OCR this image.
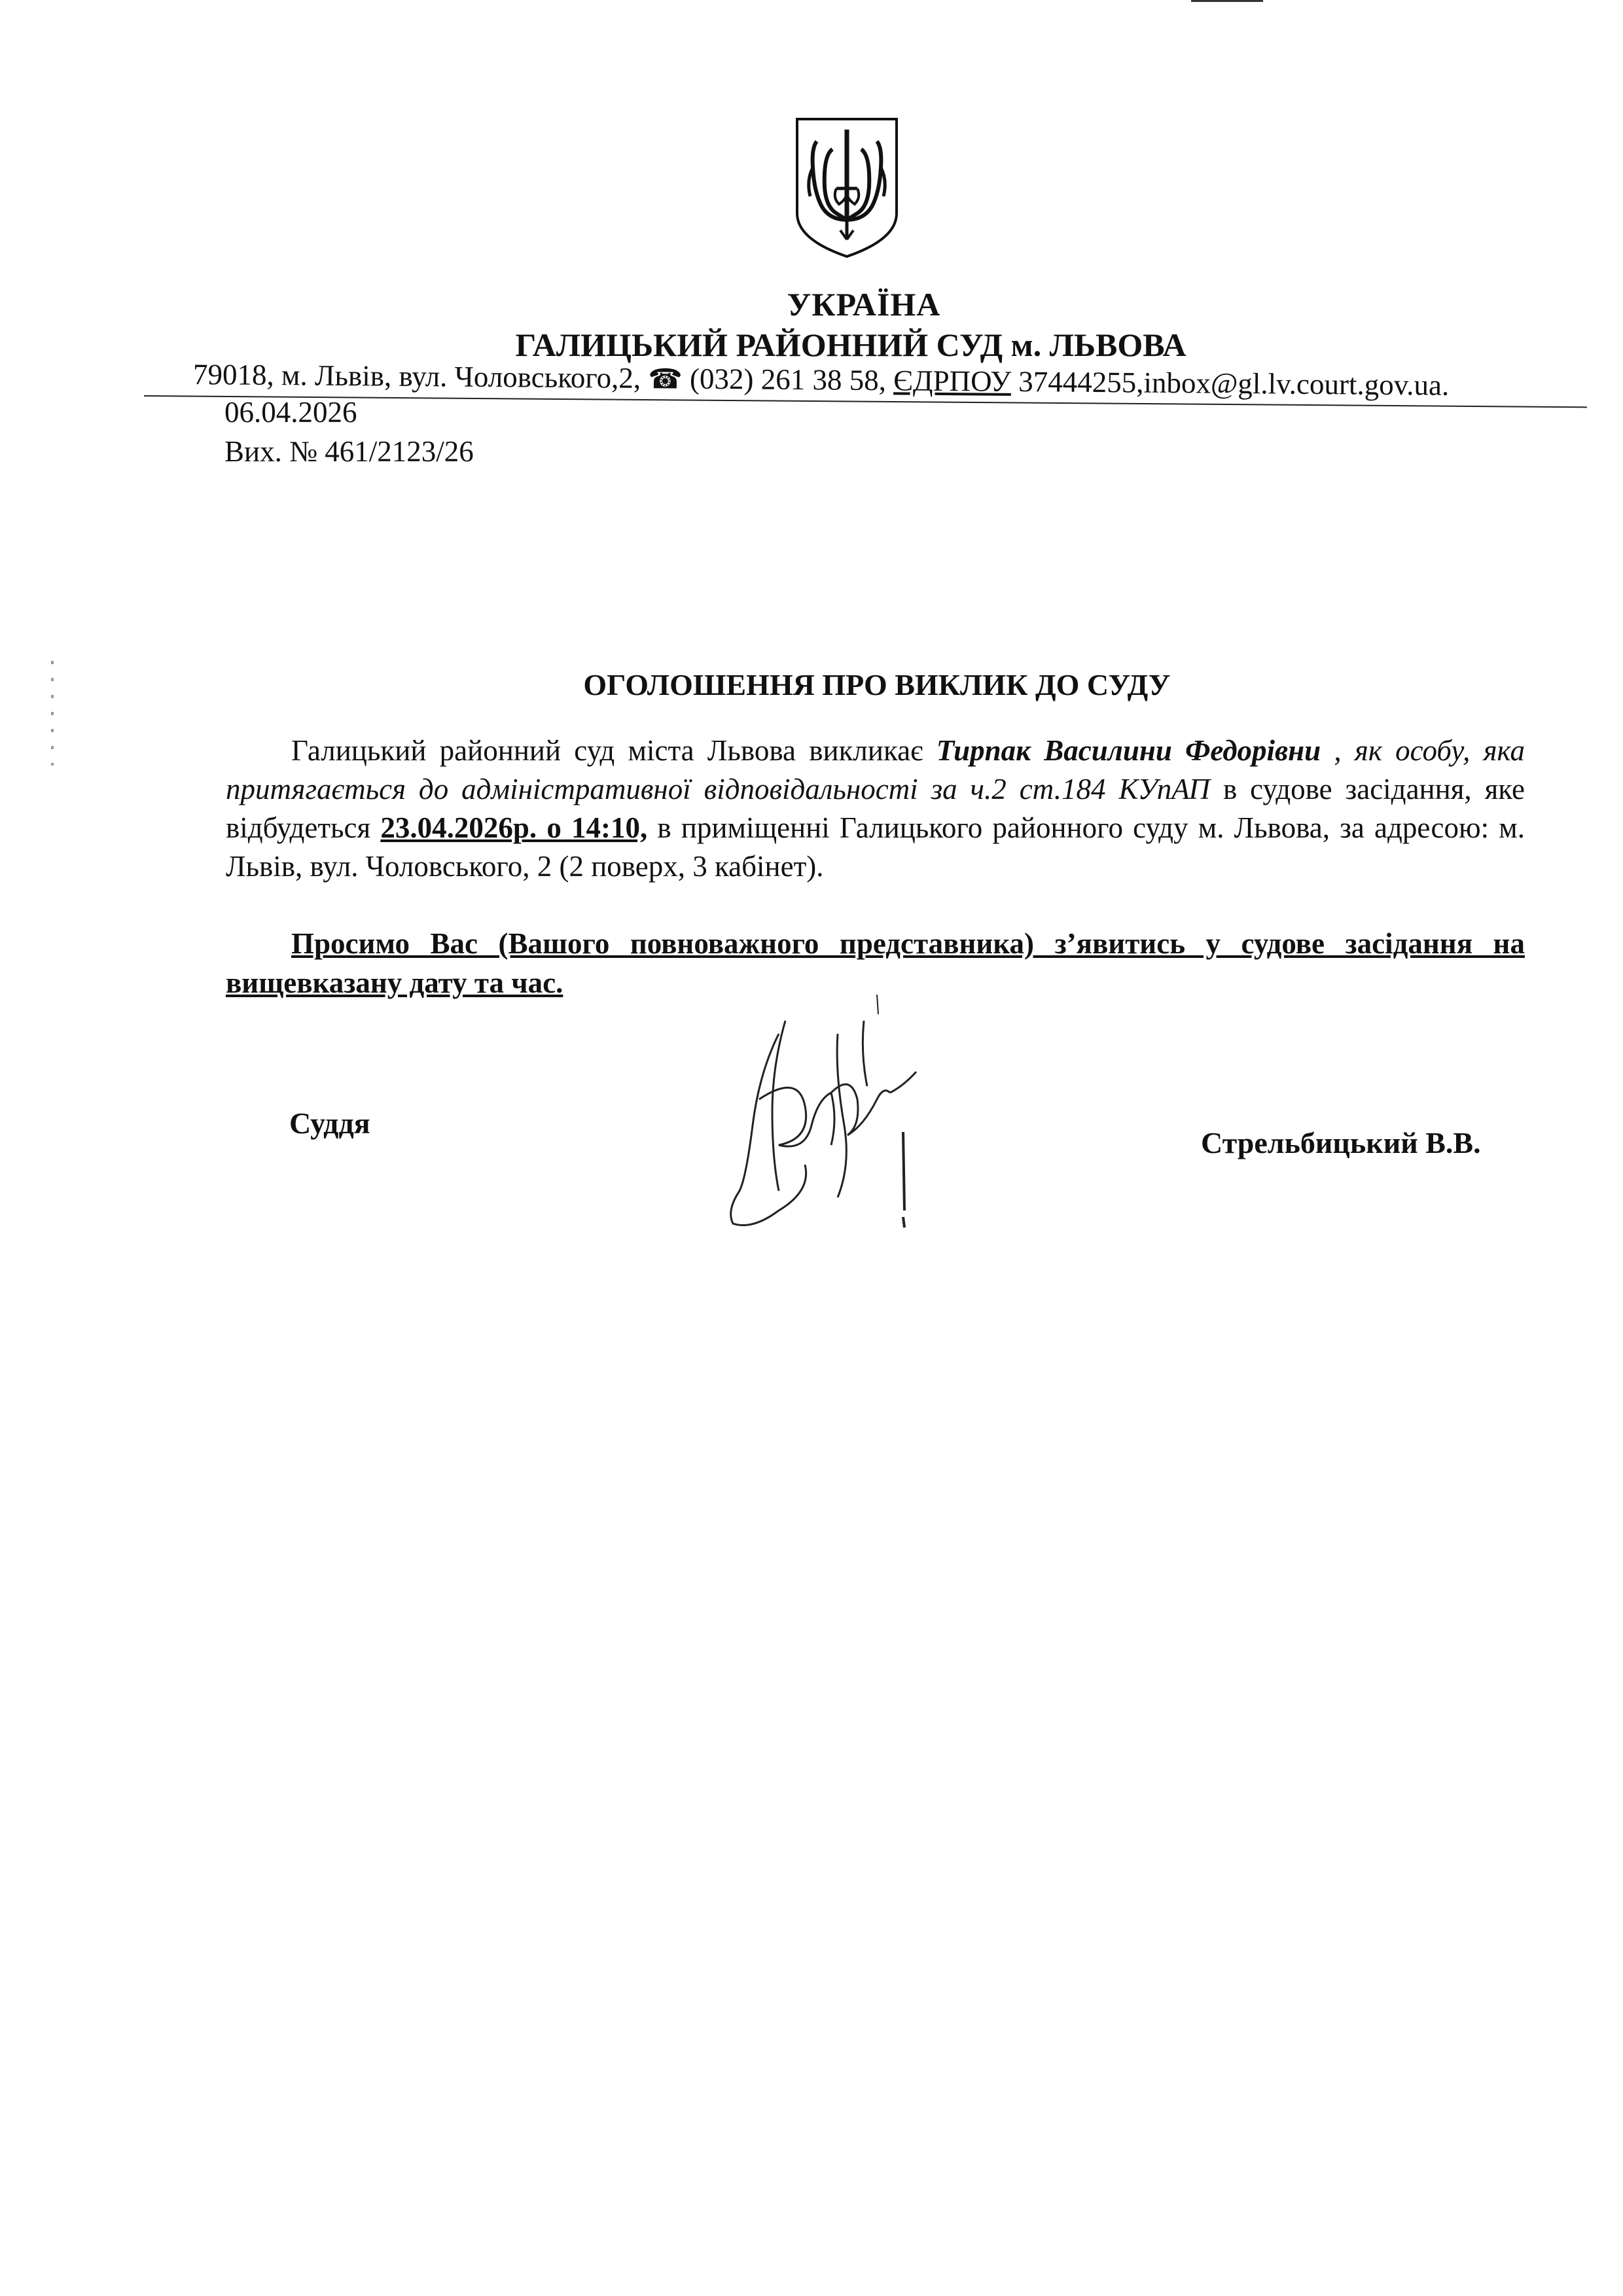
УКРАЇНА
ГАЛИЦЬКИЙ РАЙОННИЙ СУД м. ЛЬВОВА
79018, м. Львів, вул. Чоловського,2, ☎ (032) 261 38 58, ЄДРПОУ 37444255,inbox@gl.lv.court.gov.ua.
06.04.2026
Вих. № 461/2123/26
ОГОЛОШЕННЯ ПРО ВИКЛИК ДО СУДУ
Галицький районний суд міста Львова викликає Тирпак Василини Федорівни , як особу, яка притягається до адміністративної відповідальності за ч.2 ст.184 КУпАП в судове засідання, яке відбудеться 23.04.2026р. о 14:10, в приміщенні Галицького районного суду м. Львова, за адресою: м. Львів, вул. Чоловського, 2 (2 поверх, 3 кабінет).
Просимо Вас (Вашого повноважного представника) з’явитись у судове засідання на вищевказану дату та час.
Суддя
Стрельбицький В.В.
